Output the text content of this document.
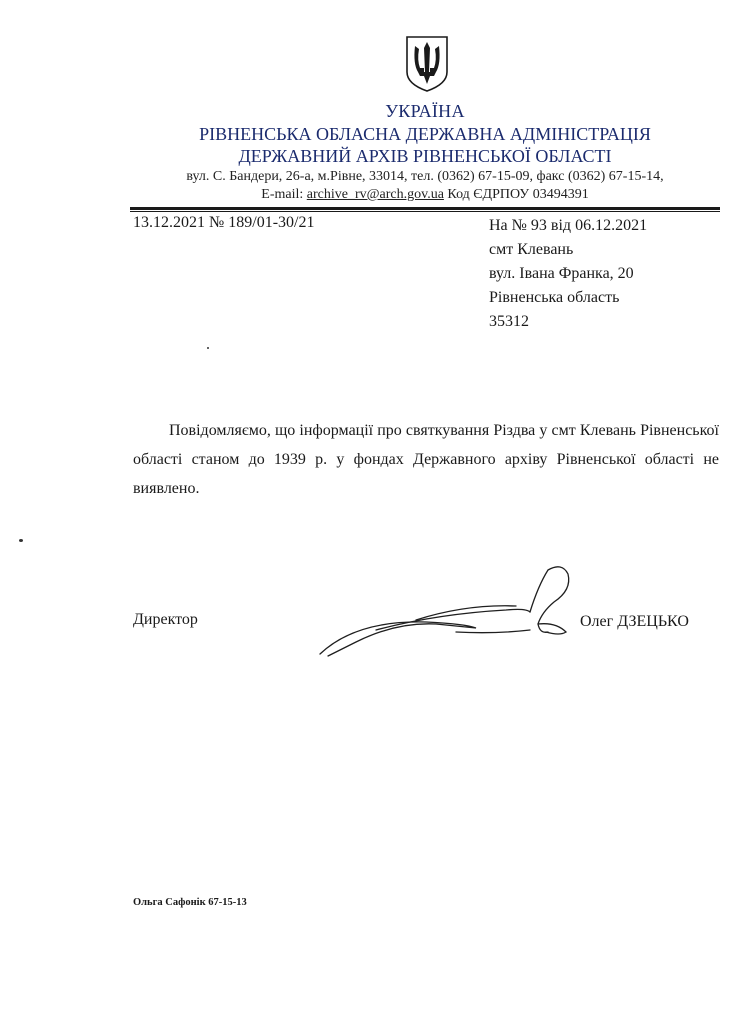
УКРАЇНА
РІВНЕНСЬКА ОБЛАСНА ДЕРЖАВНА АДМІНІСТРАЦІЯ
ДЕРЖАВНИЙ АРХІВ РІВНЕНСЬКОЇ ОБЛАСТІ
вул. С. Бандери, 26-а, м.Рівне, 33014, тел. (0362) 67-15-09, факс (0362) 67-15-14,
E-mail: archive_rv@arch.gov.ua Код ЄДРПОУ 03494391
13.12.2021 № 189/01-30/21	На № 93 від 06.12.2021
смт Клевань
вул. Івана Франка, 20
Рівненська область
35312
Повідомляємо, що інформації про святкування Різдва у смт Клевань Рівненської області станом до 1939 р. у фондах Державного архіву Рівненської області не виявлено.
Директор	Олег ДЗЕЦЬКО
Ольга Сафонік 67-15-13
